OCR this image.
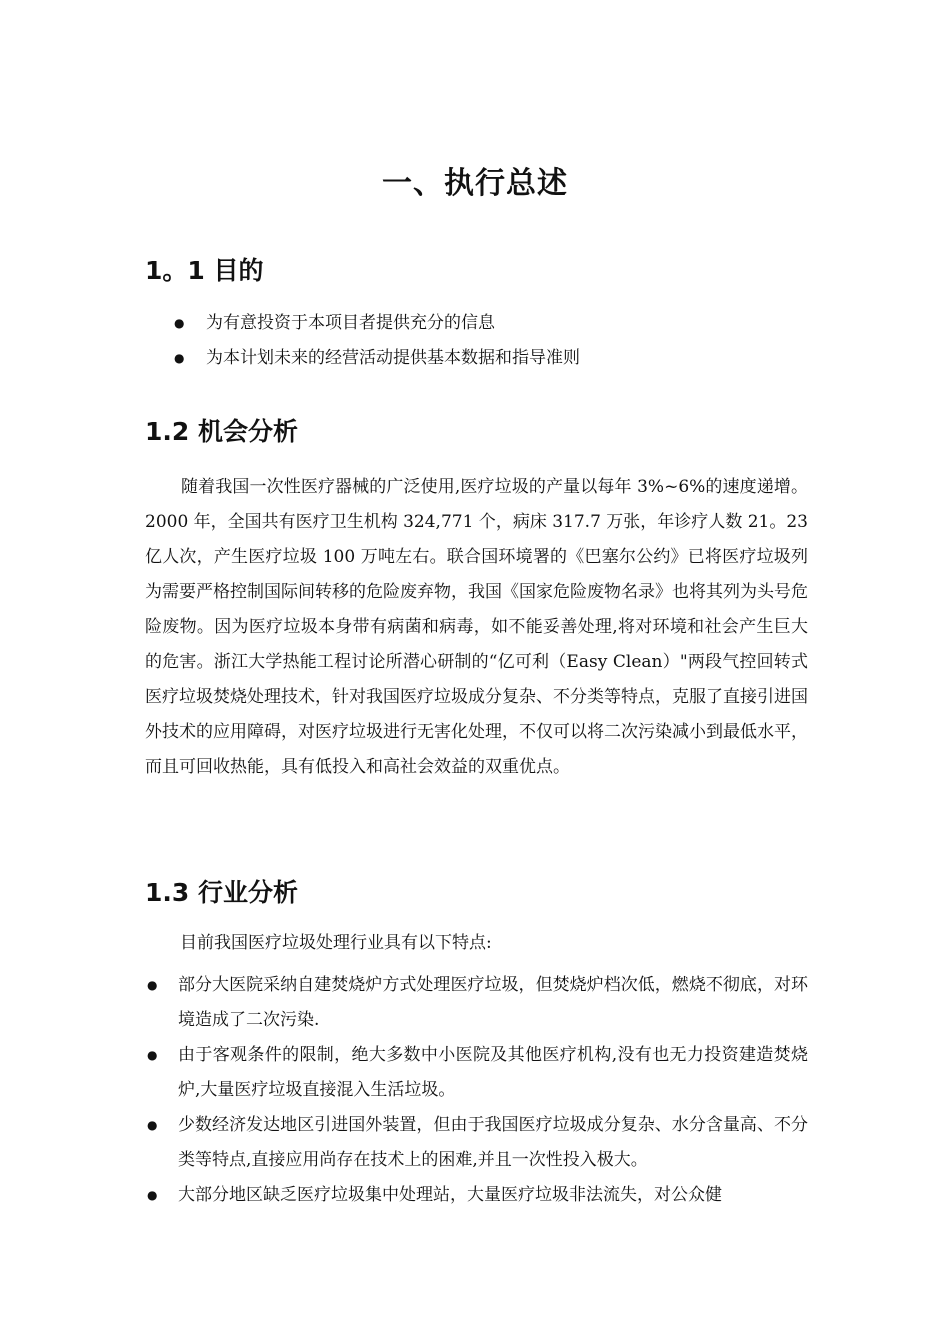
一、执行总述
1。1 目的
● 为有意投资于本项目者提供充分的信息
● 为本计划未来的经营活动提供基本数据和指导准则
1.2 机会分析

随着我国一次性医疗器械的广泛使用,医疗垃圾的产量以每年 3%~6%的速度递增。2000 年，全国共有医疗卫生机构 324,771 个，病床 317.7 万张，年诊疗人数 21。23 亿人次，产生医疗垃圾 100 万吨左右。联合国环境署的《巴塞尔公约》已将医疗垃圾列为需要严格控制国际间转移的危险废弃物，我国《国家危险废物名录》也将其列为头号危险废物。因为医疗垃圾本身带有病菌和病毒，如不能妥善处理,将对环境和社会产生巨大的危害。浙江大学热能工程讨论所潜心研制的“亿可利（Easy Clean）"两段气控回转式医疗垃圾焚烧处理技术，针对我国医疗垃圾成分复杂、不分类等特点，克服了直接引进国外技术的应用障碍，对医疗垃圾进行无害化处理，不仅可以将二次污染减小到最低水平，而且可回收热能，具有低投入和高社会效益的双重优点。

1.3 行业分析

目前我国医疗垃圾处理行业具有以下特点:

● 部分大医院采纳自建焚烧炉方式处理医疗垃圾，但焚烧炉档次低，燃烧不彻底，对环境造成了二次污染.
● 由于客观条件的限制，绝大多数中小医院及其他医疗机构,没有也无力投资建造焚烧炉,大量医疗垃圾直接混入生活垃圾。
● 少数经济发达地区引进国外装置，但由于我国医疗垃圾成分复杂、水分含量高、不分类等特点,直接应用尚存在技术上的困难,并且一次性投入极大。
● 大部分地区缺乏医疗垃圾集中处理站，大量医疗垃圾非法流失，对公众健
